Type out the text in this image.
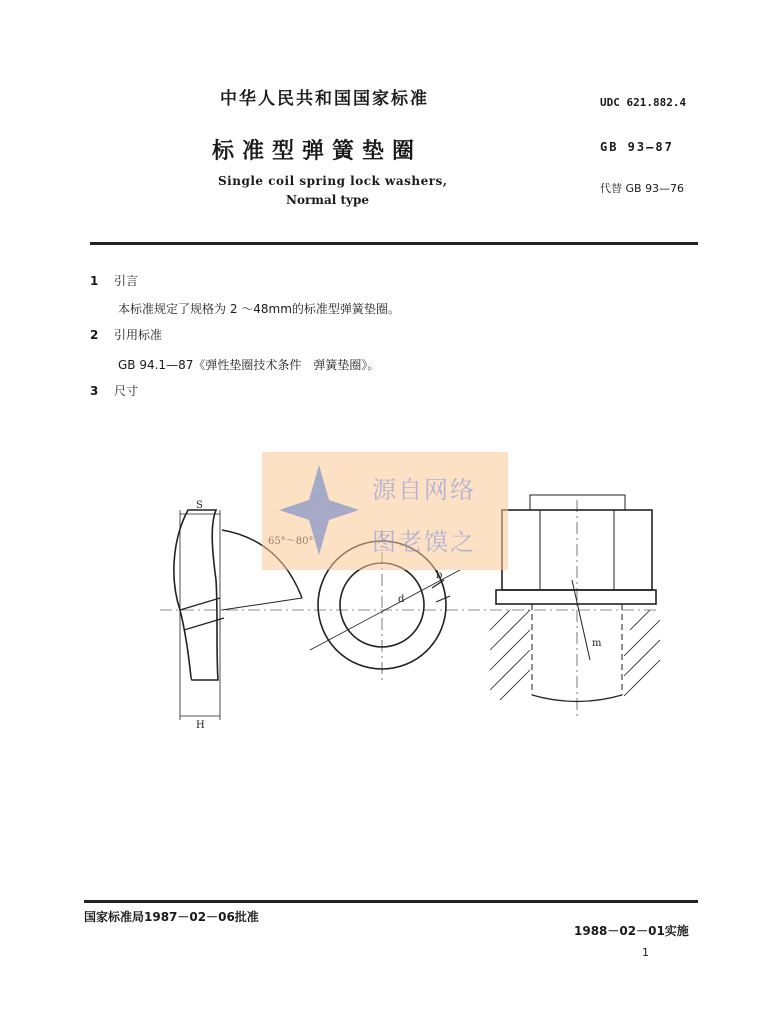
中华人民共和国国家标准	UDC 621.882.4
标准型弹簧垫圈	GB 93—87
Single coil spring lock washers,
Normal type
代替 GB 93—76
1 引言
本标准规定了规格为 2 ～48mm的标准型弹簧垫圈。
2 引用标准
GB 94.1—87《弹性垫圈技术条件　弹簧垫圈》。
3 尺寸
S
H
d
b
m
源自网络
图老馍之
国家标准局1987－02－06批准
1988－02－01实施
1
